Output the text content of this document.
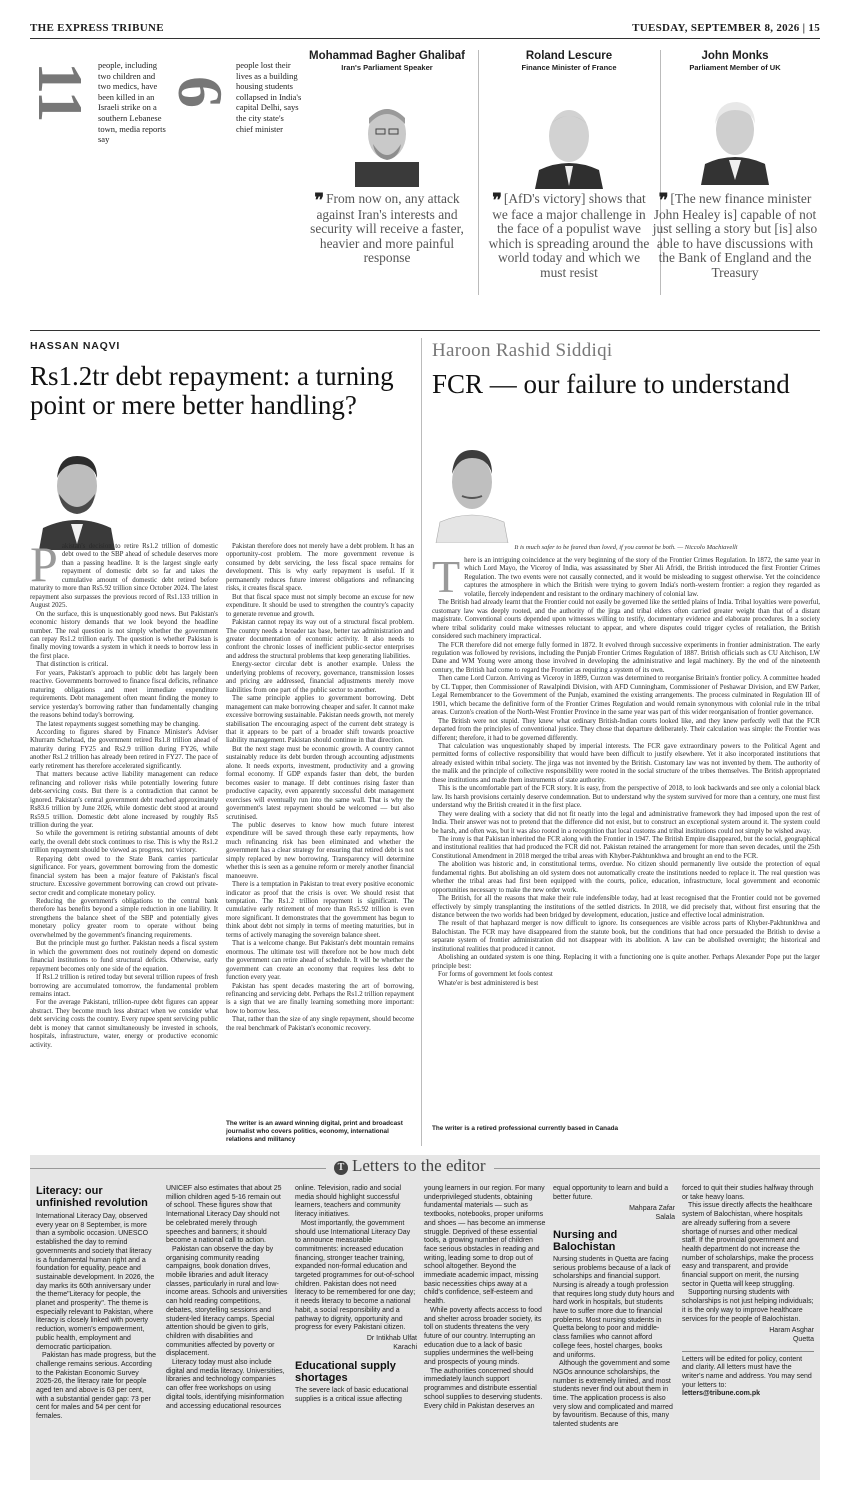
THE EXPRESS TRIBUNE	TUESDAY, SEPTEMBER 8, 2026 | 15
11 people, including two children and two medics, have been killed in an Israeli strike on a southern Lebanese town, media reports say
6
people lost their lives as a building housing students collapsed in India's capital Delhi, says the city state's chief minister
Mohammad Bagher Ghalibaf
Iran's Parliament Speaker
❞ From now on, any attack against Iran's interests and security will receive a faster, heavier and more painful response
Roland Lescure
Finance Minister of France
❞ [AfD's victory] shows that we face a major challenge in the face of a populist wave which is spreading around the world today and which we must resist
John Monks
Parliament Member of UK
❞ [The new finance minister John Healey is] capable of not just selling a story but [is] also able to have discussions with the Bank of England and the Treasury
HASSAN NAQVI
Rs1.2tr debt repayment: a turning point or mere better handling?
P akistan's decision to retire Rs1.2 trillion of domestic debt owed to the SBP ahead of schedule deserves more than a passing headline. It is the largest single early repayment of domestic debt so far and takes the cumulative amount of domestic debt retired before maturity to more than Rs5.92 trillion since October 2024. The latest repayment also surpasses the previous record of Rs1.133 trillion in August 2025.

On the surface, this is unquestionably good news. But Pakistan's economic history demands that we look beyond the headline number. The real question is not simply whether the government can repay Rs1.2 trillion early. The question is whether Pakistan is finally moving towards a system in which it needs to borrow less in the first place.

That distinction is critical.

For years, Pakistan's approach to public debt has largely been reactive. Governments borrowed to finance fiscal deficits, refinance maturing obligations and meet immediate expenditure requirements. Debt management often meant finding the money to service yesterday's borrowing rather than fundamentally changing the reasons behind today's borrowing.

The latest repayments suggest something may be changing.

According to figures shared by Finance Minister's Adviser Khurram Schehzad, the government retired Rs1.8 trillion ahead of maturity during FY25 and Rs2.9 trillion during FY26, while another Rs1.2 trillion has already been retired in FY27. The pace of early retirement has therefore accelerated significantly.

That matters because active liability management can reduce refinancing and rollover risks while potentially lowering future debt-servicing costs. But there is a contradiction that cannot be ignored. Pakistan's central government debt reached approximately Rs83.6 trillion by June 2026, while domestic debt stood at around Rs59.5 trillion. Domestic debt alone increased by roughly Rs5 trillion during the year.

So while the government is retiring substantial amounts of debt early, the overall debt stock continues to rise. This is why the Rs1.2 trillion repayment should be viewed as progress, not victory.

Repaying debt owed to the State Bank carries particular significance. For years, government borrowing from the domestic financial system has been a major feature of Pakistan's fiscal structure. Excessive government borrowing can crowd out private-sector credit and complicate monetary policy.

Reducing the government's obligations to the central bank therefore has benefits beyond a simple reduction in one liability. It strengthens the balance sheet of the SBP and potentially gives monetary policy greater room to operate without being overwhelmed by the government's financing requirements.

But the principle must go further. Pakistan needs a fiscal system in which the government does not routinely depend on domestic financial institutions to fund structural deficits. Otherwise, early repayment becomes only one side of the equation.

If Rs1.2 trillion is retired today but several trillion rupees of fresh borrowing are accumulated tomorrow, the fundamental problem remains intact.

For the average Pakistani, trillion-rupee debt figures can appear abstract. They become much less abstract when we consider what debt servicing costs the country. Every rupee spent servicing public debt is money that cannot simultaneously be invested in schools, hospitals, infrastructure, water, energy or productive economic activity.

Pakistan therefore does not merely have a debt problem. It has an opportunity-cost problem. The more government revenue is consumed by debt servicing, the less fiscal space remains for development. This is why early repayment is useful. If it permanently reduces future interest obligations and refinancing risks, it creates fiscal space.

But that fiscal space must not simply become an excuse for new expenditure. It should be used to strengthen the country's capacity to generate revenue and growth.

Pakistan cannot repay its way out of a structural fiscal problem. The country needs a broader tax base, better tax administration and greater documentation of economic activity. It also needs to confront the chronic losses of inefficient public-sector enterprises and address the structural problems that keep generating liabilities.

Energy-sector circular debt is another example. Unless the underlying problems of recovery, governance, transmission losses and pricing are addressed, financial adjustments merely move liabilities from one part of the public sector to another.

The same principle applies to government borrowing. Debt management can make borrowing cheaper and safer. It cannot make excessive borrowing sustainable. Pakistan needs growth, not merely stabilisation The encouraging aspect of the current debt strategy is that it appears to be part of a broader shift towards proactive liability management. Pakistan should continue in that direction.

But the next stage must be economic growth. A country cannot sustainably reduce its debt burden through accounting adjustments alone. It needs exports, investment, productivity and a growing formal economy. If GDP expands faster than debt, the burden becomes easier to manage. If debt continues rising faster than productive capacity, even apparently successful debt management exercises will eventually run into the same wall. That is why the government's latest repayment should be welcomed — but also scrutinised.

The public deserves to know how much future interest expenditure will be saved through these early repayments, how much refinancing risk has been eliminated and whether the government has a clear strategy for ensuring that retired debt is not simply replaced by new borrowing. Transparency will determine whether this is seen as a genuine reform or merely another financial manoeuvre.

There is a temptation in Pakistan to treat every positive economic indicator as proof that the crisis is over. We should resist that temptation. The Rs1.2 trillion repayment is significant. The cumulative early retirement of more than Rs5.92 trillion is even more significant. It demonstrates that the government has begun to think about debt not simply in terms of meeting maturities, but in terms of actively managing the sovereign balance sheet.

That is a welcome change. But Pakistan's debt mountain remains enormous. The ultimate test will therefore not be how much debt the government can retire ahead of schedule. It will be whether the government can create an economy that requires less debt to function every year.

Pakistan has spent decades mastering the art of borrowing, refinancing and servicing debt. Perhaps the Rs1.2 trillion repayment is a sign that we are finally learning something more important: how to borrow less.

That, rather than the size of any single repayment, should become the real benchmark of Pakistan's economic recovery.

The writer is an award winning digital, print and broadcast journalist who covers politics, economy, international relations and militancy
Haroon Rashid Siddiqi
FCR — our failure to understand
It is much safer to be feared than loved, if you cannot be both. — Niccolo Machiavelli
T here is an intriguing coincidence at the very beginning of the story of the Frontier Crimes Regulation. In 1872, the same year in which Lord Mayo, the Viceroy of India, was assassinated by Sher Ali Afridi, the British introduced the first Frontier Crimes Regulation. The two events were not causally connected, and it would be misleading to suggest otherwise. Yet the coincidence captures the atmosphere in which the British were trying to govern India's north-western frontier: a region they regarded as volatile, fiercely independent and resistant to the ordinary machinery of colonial law.

The British had already learnt that the Frontier could not easily be governed like the settled plains of India. Tribal loyalties were powerful, customary law was deeply rooted, and the authority of the jirga and tribal elders often carried greater weight than that of a distant magistrate. Conventional courts depended upon witnesses willing to testify, documentary evidence and elaborate procedures. In a society where tribal solidarity could make witnesses reluctant to appear, and where disputes could trigger cycles of retaliation, the British considered such machinery impractical.

The FCR therefore did not emerge fully formed in 1872. It evolved through successive experiments in frontier administration. The early regulation was followed by revisions, including the Punjab Frontier Crimes Regulation of 1887. British officials such as CU Aitchison, LW Dane and WM Young were among those involved in developing the administrative and legal machinery. By the end of the nineteenth century, the British had come to regard the Frontier as requiring a system of its own.

Then came Lord Curzon. Arriving as Viceroy in 1899, Curzon was determined to reorganise Britain's frontier policy. A committee headed by CL Tupper, then Commissioner of Rawalpindi Division, with AFD Cunningham, Commissioner of Peshawar Division, and EW Parker, Legal Remembrancer to the Government of the Punjab, examined the existing arrangements. The process culminated in Regulation III of 1901, which became the definitive form of the Frontier Crimes Regulation and would remain synonymous with colonial rule in the tribal areas. Curzon's creation of the North-West Frontier Province in the same year was part of this wider reorganisation of frontier governance.

The British were not stupid. They knew what ordinary British-Indian courts looked like, and they knew perfectly well that the FCR departed from the principles of conventional justice. They chose that departure deliberately. Their calculation was simple: the Frontier was different; therefore, it had to be governed differently.

That calculation was unquestionably shaped by imperial interests. The FCR gave extraordinary powers to the Political Agent and permitted forms of collective responsibility that would have been difficult to justify elsewhere. Yet it also incorporated institutions that already existed within tribal society. The jirga was not invented by the British. Customary law was not invented by them. The authority of the malik and the principle of collective responsibility were rooted in the social structure of the tribes themselves. The British appropriated these institutions and made them instruments of state authority.

This is the uncomfortable part of the FCR story. It is easy, from the perspective of 2018, to look backwards and see only a colonial black law. Its harsh provisions certainly deserve condemnation. But to understand why the system survived for more than a century, one must first understand why the British created it in the first place.

They were dealing with a society that did not fit neatly into the legal and administrative framework they had imposed upon the rest of India. Their answer was not to pretend that the difference did not exist, but to construct an exceptional system around it. The system could be harsh, and often was, but it was also rooted in a recognition that local customs and tribal institutions could not simply be wished away.

The irony is that Pakistan inherited the FCR along with the Frontier in 1947. The British Empire disappeared, but the social, geographical and institutional realities that had produced the FCR did not. Pakistan retained the arrangement for more than seven decades, until the 25th Constitutional Amendment in 2018 merged the tribal areas with Khyber-Pakhtunkhwa and brought an end to the FCR.

The abolition was historic and, in constitutional terms, overdue. No citizen should permanently live outside the protection of equal fundamental rights. But abolishing an old system does not automatically create the institutions needed to replace it. The real question was whether the tribal areas had first been equipped with the courts, police, education, infrastructure, local government and economic opportunities necessary to make the new order work.

The British, for all the reasons that make their rule indefensible today, had at least recognised that the Frontier could not be governed effectively by simply transplanting the institutions of the settled districts. In 2018, we did precisely that, without first ensuring that the distance between the two worlds had been bridged by development, education, justice and effective local administration.

The result of that haphazard merger is now difficult to ignore. Its consequences are visible across parts of Khyber-Pakhtunkhwa and Balochistan. The FCR may have disappeared from the statute book, but the conditions that had once persuaded the British to devise a separate system of frontier administration did not disappear with its abolition. A law can be abolished overnight; the historical and institutional realities that produced it cannot.

Abolishing an outdated system is one thing. Replacing it with a functioning one is quite another. Perhaps Alexander Pope put the larger principle best:

For forms of government let fools contest

Whate'er is best administered is best

The writer is a retired professional currently based in Canada
T Letters to the editor
Literacy: our unfinished revolution

International Literacy Day, observed every year on 8 September, is more than a symbolic occasion. UNESCO established the day to remind governments and society that literacy is a fundamental human right and a foundation for equality, peace and sustainable development. In 2026, the day marks its 60th anniversary under the theme"Literacy for people, the planet and prosperity". The theme is especially relevant to Pakistan, where literacy is closely linked with poverty reduction, women's empowerment, public health, employment and democratic participation.

Pakistan has made progress, but the challenge remains serious. According to the Pakistan Economic Survey 2025-26, the literacy rate for people aged ten and above is 63 per cent, with a substantial gender gap: 73 per cent for males and 54 per cent for females.

UNICEF also estimates that about 25 million children aged 5-16 remain out of school. These figures show that International Literacy Day should not be celebrated merely through speeches and banners; it should become a national call to action.

Pakistan can observe the day by organising community reading campaigns, book donation drives, mobile libraries and adult literacy classes, particularly in rural and low-income areas. Schools and universities can hold reading competitions, debates, storytelling sessions and student-led literacy camps. Special attention should be given to girls, children with disabilities and communities affected by poverty or displacement.

Literacy today must also include digital and media literacy. Universities, libraries and technology companies can offer free workshops on using digital tools, identifying misinformation and accessing educational resources

online. Television, radio and social media should highlight successful learners, teachers and community literacy initiatives.

Most importantly, the government should use International Literacy Day to announce measurable commitments: increased education financing, stronger teacher training, expanded non-formal education and targeted programmes for out-of-school children. Pakistan does not need literacy to be remembered for one day; it needs literacy to become a national habit, a social responsibility and a pathway to dignity, opportunity and progress for every Pakistani citizen.

Dr Intikhab Ulfat

Karachi

Educational supply shortages

The severe lack of basic educational supplies is a critical issue affecting

young learners in our region. For many underprivileged students, obtaining fundamental materials — such as textbooks, notebooks, proper uniforms and shoes — has become an immense struggle. Deprived of these essential tools, a growing number of children face serious obstacles in reading and writing, leading some to drop out of school altogether. Beyond the immediate academic impact, missing basic necessities chips away at a child's confidence, self-esteem and health.

While poverty affects access to food and shelter across broader society, its toll on students threatens the very future of our country. Interrupting an education due to a lack of basic supplies undermines the well-being and prospects of young minds.

The authorities concerned should immediately launch support programmes and distribute essential school supplies to deserving students. Every child in Pakistan deserves an

equal opportunity to learn and build a better future.

Mahpara Zafar

Salala

Nursing and Balochistan

Nursing students in Quetta are facing serious problems because of a lack of scholarships and financial support. Nursing is already a tough profession that requires long study duty hours and hard work in hospitals, but students have to suffer more due to financial problems. Most nursing students in Quetta belong to poor and middle-class families who cannot afford college fees, hostel charges, books and uniforms.

Although the government and some NGOs announce scholarships, the number is extremely limited, and most students never find out about them in time. The application process is also very slow and complicated and marred by favouritism. Because of this, many talented students are

forced to quit their studies halfway through or take heavy loans.

This issue directly affects the healthcare system of Balochistan, where hospitals are already suffering from a severe shortage of nurses and other medical staff. If the provincial government and health department do not increase the number of scholarships, make the process easy and transparent, and provide financial support on merit, the nursing sector in Quetta will keep struggling.

Supporting nursing students with scholarships is not just helping individuals; it is the only way to improve healthcare services for the people of Balochistan.

Haram Asghar

Quetta

Letters will be edited for policy, content and clarity. All letters must have the writer's name and address. You may send your letters to:

letters@tribune.com.pk
